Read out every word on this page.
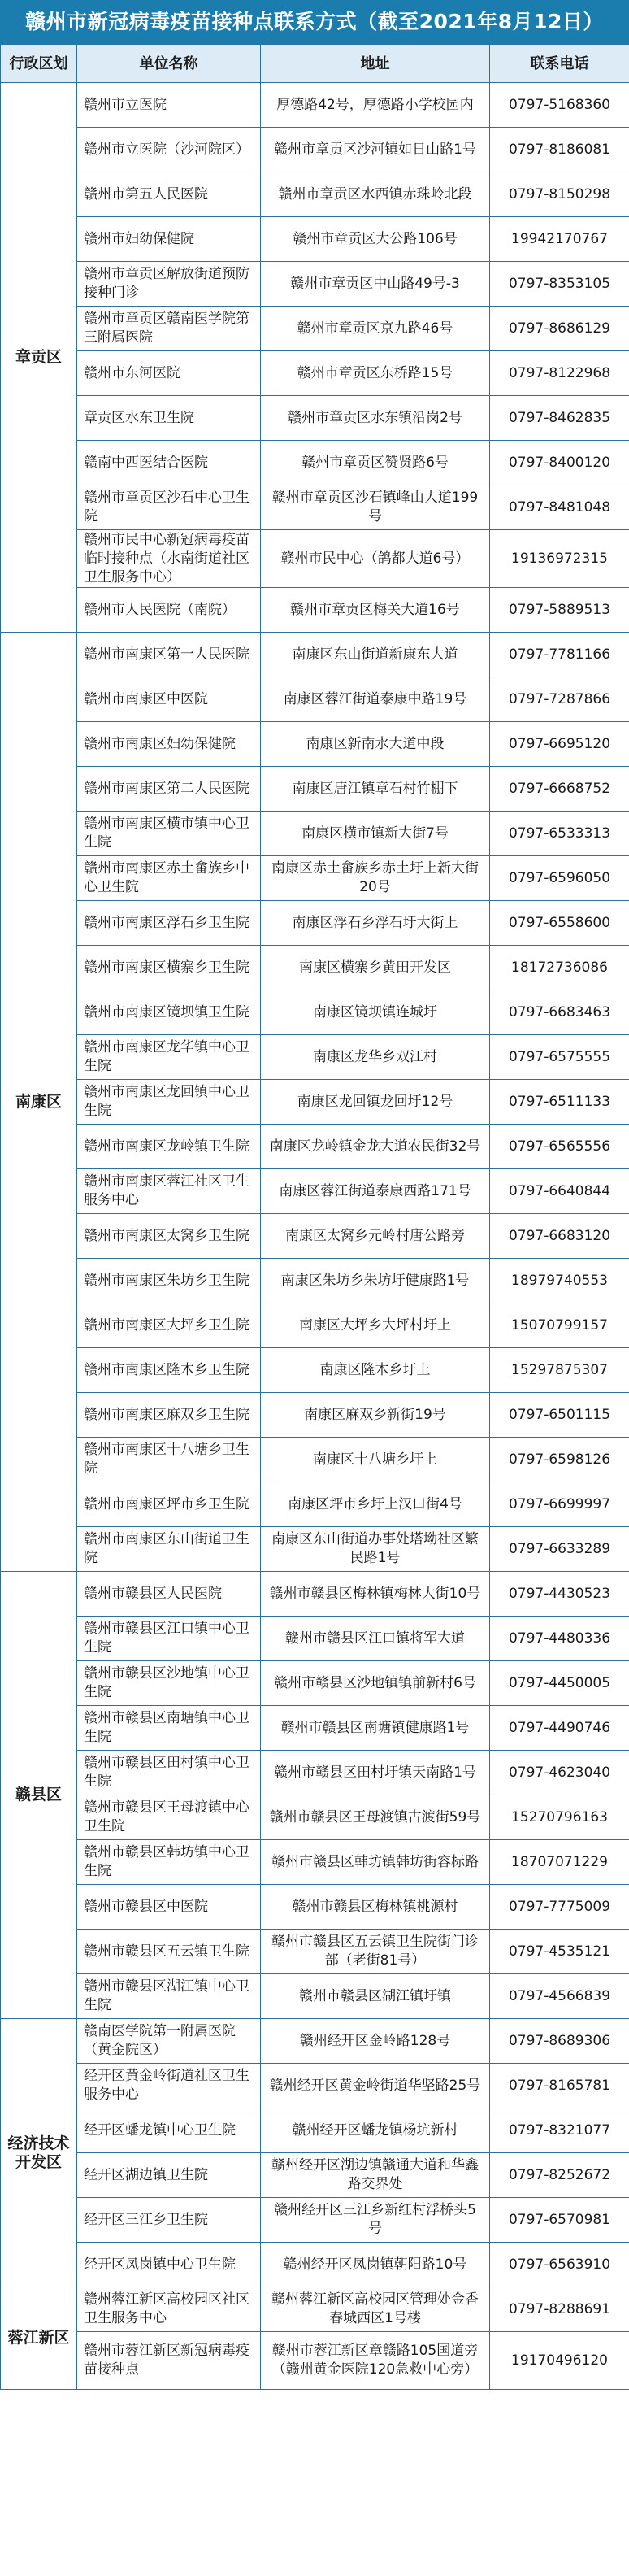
赣州市新冠病毒疫苗接种点联系方式（截至2021年8月12日）
行政区划	单位名称	地址	联系电话
章贡区	赣州市立医院	厚德路42号，厚德路小学校园内	0797-5168360
	赣州市立医院（沙河院区）	赣州市章贡区沙河镇如日山路1号	0797-8186081
	赣州市第五人民医院	赣州市章贡区水西镇赤珠岭北段	0797-8150298
	赣州市妇幼保健院	赣州市章贡区大公路106号	19942170767
	赣州市章贡区解放街道预防接种门诊	赣州市章贡区中山路49号-3	0797-8353105
	赣州市章贡区赣南医学院第三附属医院	赣州市章贡区京九路46号	0797-8686129
	赣州市东河医院	赣州市章贡区东桥路15号	0797-8122968
	章贡区水东卫生院	赣州市章贡区水东镇沿岗2号	0797-8462835
	赣南中西医结合医院	赣州市章贡区赞贤路6号	0797-8400120
	赣州市章贡区沙石中心卫生院	赣州市章贡区沙石镇峰山大道199号	0797-8481048
	赣州市民中心新冠病毒疫苗临时接种点（水南街道社区卫生服务中心）	赣州市民中心（鸽都大道6号）	19136972315
	赣州市人民医院（南院）	赣州市章贡区梅关大道16号	0797-5889513
南康区	赣州市南康区第一人民医院	南康区东山街道新康东大道	0797-7781166
	赣州市南康区中医院	南康区蓉江街道泰康中路19号	0797-7287866
	赣州市南康区妇幼保健院	南康区新南水大道中段	0797-6695120
	赣州市南康区第二人民医院	南康区唐江镇章石村竹棚下	0797-6668752
	赣州市南康区横市镇中心卫生院	南康区横市镇新大街7号	0797-6533313
	赣州市南康区赤土畲族乡中心卫生院	南康区赤土畲族乡赤土圩上新大街20号	0797-6596050
	赣州市南康区浮石乡卫生院	南康区浮石乡浮石圩大街上	0797-6558600
	赣州市南康区横寨乡卫生院	南康区横寨乡黄田开发区	18172736086
	赣州市南康区镜坝镇卫生院	南康区镜坝镇连城圩	0797-6683463
	赣州市南康区龙华镇中心卫生院	南康区龙华乡双江村	0797-6575555
	赣州市南康区龙回镇中心卫生院	南康区龙回镇龙回圩12号	0797-6511133
	赣州市南康区龙岭镇卫生院	南康区龙岭镇金龙大道农民街32号	0797-6565556
	赣州市南康区蓉江社区卫生服务中心	南康区蓉江街道泰康西路171号	0797-6640844
	赣州市南康区太窝乡卫生院	南康区太窝乡元岭村唐公路旁	0797-6683120
	赣州市南康区朱坊乡卫生院	南康区朱坊乡朱坊圩健康路1号	18979740553
	赣州市南康区大坪乡卫生院	南康区大坪乡大坪村圩上	15070799157
	赣州市南康区隆木乡卫生院	南康区隆木乡圩上	15297875307
	赣州市南康区麻双乡卫生院	南康区麻双乡新街19号	0797-6501115
	赣州市南康区十八塘乡卫生院	南康区十八塘乡圩上	0797-6598126
	赣州市南康区坪市乡卫生院	南康区坪市乡圩上汉口街4号	0797-6699997
	赣州市南康区东山街道卫生院	南康区东山街道办事处塔坳社区繁民路1号	0797-6633289
赣县区	赣州市赣县区人民医院	赣州市赣县区梅林镇梅林大街10号	0797-4430523
	赣州市赣县区江口镇中心卫生院	赣州市赣县区江口镇将军大道	0797-4480336
	赣州市赣县区沙地镇中心卫生院	赣州市赣县区沙地镇镇前新村6号	0797-4450005
	赣州市赣县区南塘镇中心卫生院	赣州市赣县区南塘镇健康路1号	0797-4490746
	赣州市赣县区田村镇中心卫生院	赣州市赣县区田村圩镇天南路1号	0797-4623040
	赣州市赣县区王母渡镇中心卫生院	赣州市赣县区王母渡镇古渡街59号	15270796163
	赣州市赣县区韩坊镇中心卫生院	赣州市赣县区韩坊镇韩坊街容标路	18707071229
	赣州市赣县区中医院	赣州市赣县区梅林镇桃源村	0797-7775009
	赣州市赣县区五云镇卫生院	赣州市赣县区五云镇卫生院街门诊部（老街81号）	0797-4535121
	赣州市赣县区湖江镇中心卫生院	赣州市赣县区湖江镇圩镇	0797-4566839
经济技术开发区	赣南医学院第一附属医院（黄金院区）	赣州经开区金岭路128号	0797-8689306
	经开区黄金岭街道社区卫生服务中心	赣州经开区黄金岭街道华坚路25号	0797-8165781
	经开区蟠龙镇中心卫生院	赣州经开区蟠龙镇杨坑新村	0797-8321077
	经开区湖边镇卫生院	赣州经开区湖边镇赣通大道和华鑫路交界处	0797-8252672
	经开区三江乡卫生院	赣州经开区三江乡新红村浮桥头5号	0797-6570981
	经开区凤岗镇中心卫生院	赣州经开区凤岗镇朝阳路10号	0797-6563910
蓉江新区	赣州蓉江新区高校园区社区卫生服务中心	赣州蓉江新区高校园区管理处金香春城西区1号楼	0797-8288691
	赣州市蓉江新区新冠病毒疫苗接种点	赣州市蓉江新区章赣路105国道旁（赣州黄金医院120急救中心旁）	19170496120
